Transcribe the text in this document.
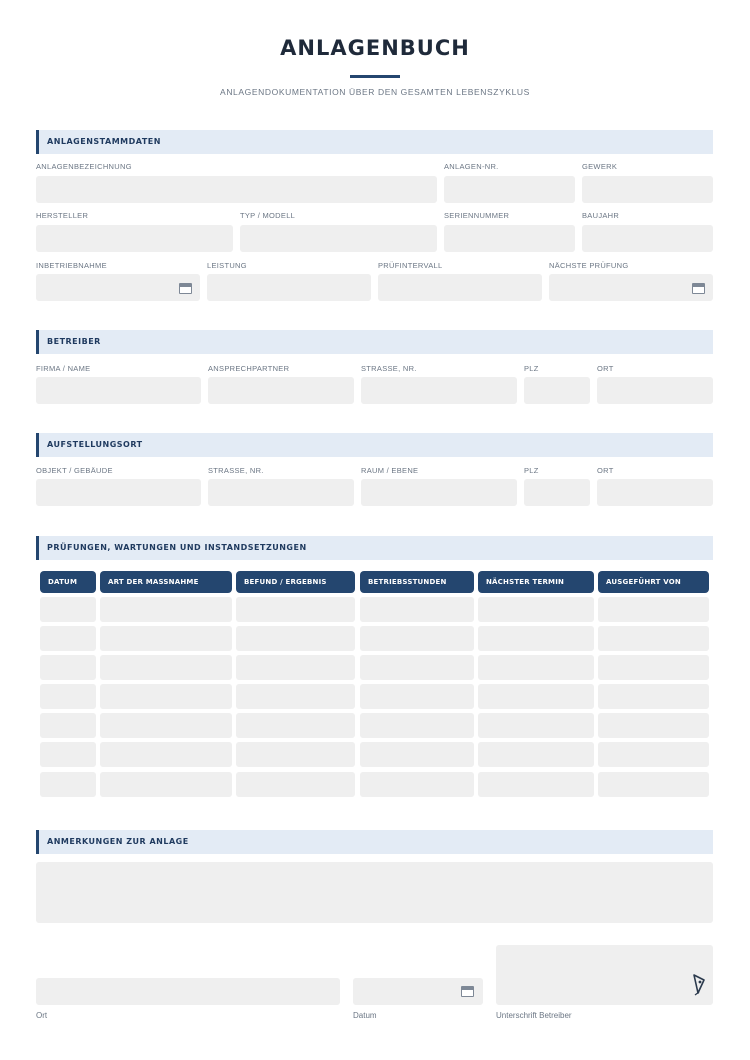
ANLAGENBUCH
ANLAGENDOKUMENTATION ÜBER DEN GESAMTEN LEBENSZYKLUS
ANLAGENSTAMMDATEN
ANLAGENBEZEICHNUNG	ANLAGEN-NR.	GEWERK
HERSTELLER	TYP / MODELL	SERIENNUMMER	BAUJAHR
INBETRIEBNAHME	LEISTUNG	PRÜFINTERVALL	NÄCHSTE PRÜFUNG
BETREIBER
FIRMA / NAME	ANSPRECHPARTNER	STRASSE, NR.	PLZ	ORT
AUFSTELLUNGSORT
OBJEKT / GEBÄUDE	STRASSE, NR.	RAUM / EBENE	PLZ	ORT
PRÜFUNGEN, WARTUNGEN UND INSTANDSETZUNGEN
DATUM	ART DER MASSNAHME	BEFUND / ERGEBNIS	BETRIEBSSTUNDEN	NÄCHSTER TERMIN	AUSGEFÜHRT VON
ANMERKUNGEN ZUR ANLAGE
Ort	Datum	Unterschrift Betreiber
